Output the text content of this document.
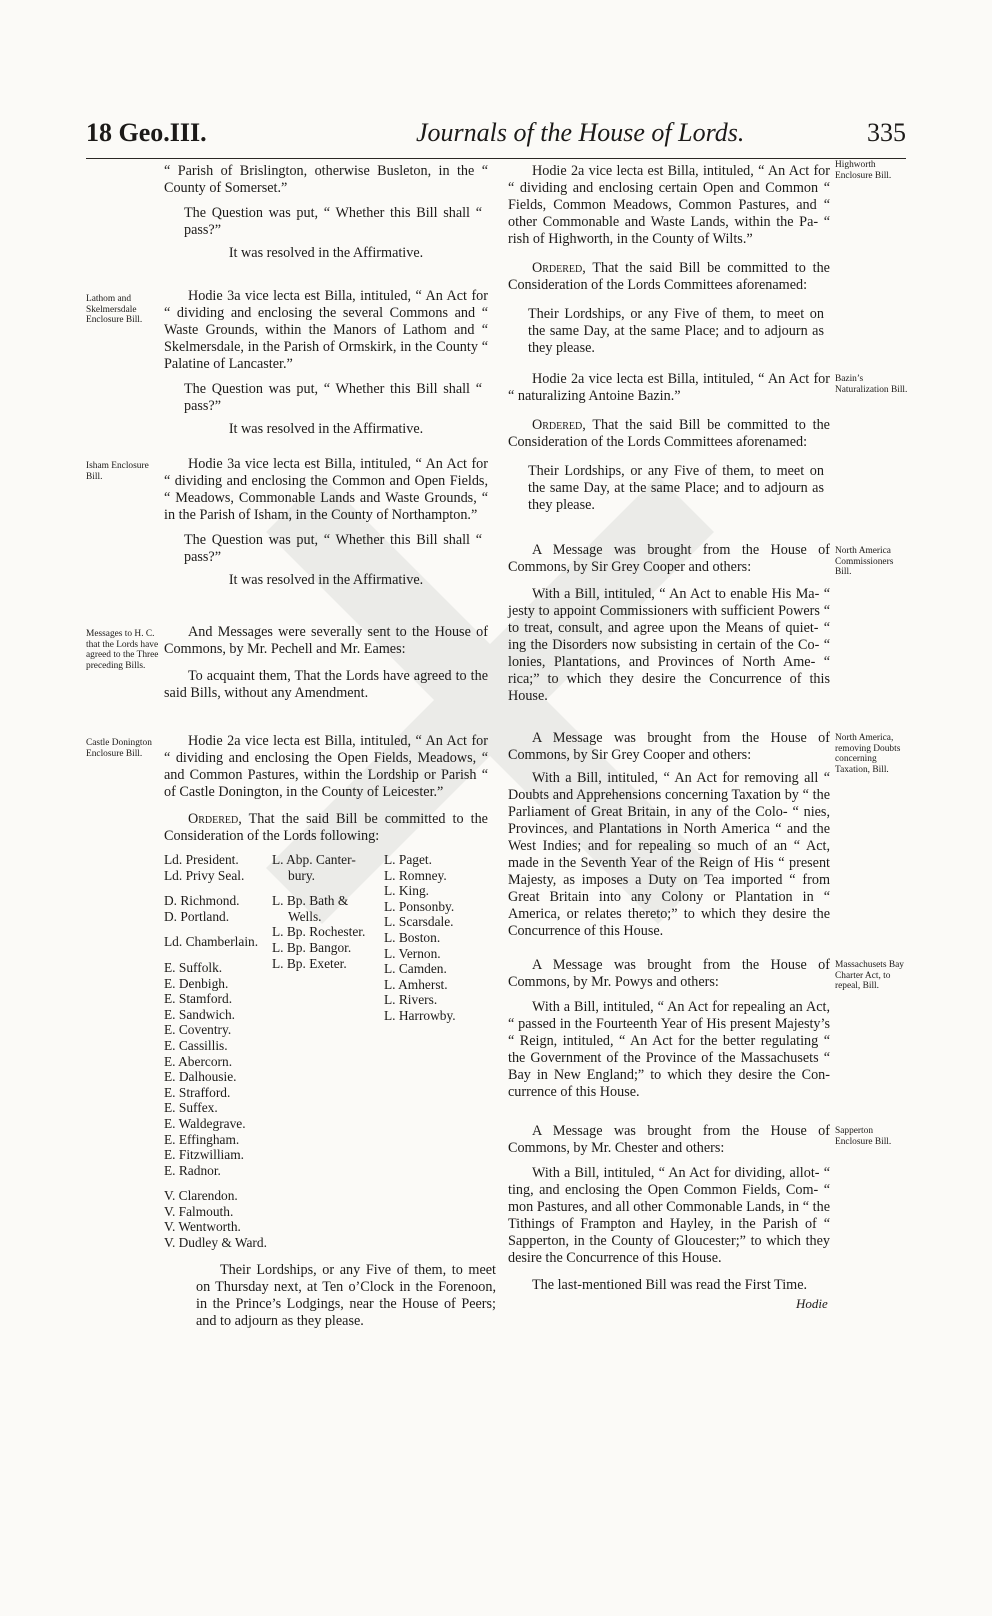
18 Geo.III.	Journals of the House of Lords.	335
Lathom and Skelmersdale Enclosure Bill.
Isham Enclosure Bill.
Messages to H. C. that the Lords have agreed to the Three preceding Bills.
Castle Donington Enclosure Bill.
Highworth Enclosure Bill.
Bazin’s Naturalization Bill.
North America Commissioners Bill.
North America, removing Doubts concerning Taxation, Bill.
Massachusets Bay Charter Act, to repeal, Bill.
Sapperton Enclosure Bill.

“ Parish of Brislington, otherwise Busleton, in the “ County of Somerset.”

The Question was put, “ Whether this Bill shall “ pass?”

It was resolved in the Affirmative.

Hodie 3a vice lecta est Billa, intituled, “ An Act for “ dividing and enclosing the several Commons and “ Waste Grounds, within the Manors of Lathom and “ Skelmersdale, in the Parish of Ormskirk, in the County “ Palatine of Lancaster.”

The Question was put, “ Whether this Bill shall “ pass?”

It was resolved in the Affirmative.

Hodie 3a vice lecta est Billa, intituled, “ An Act for “ dividing and enclosing the Common and Open Fields, “ Meadows, Commonable Lands and Waste Grounds, “ in the Parish of Isham, in the County of Northampton.”

The Question was put, “ Whether this Bill shall “ pass?”

It was resolved in the Affirmative.

And Messages were severally sent to the House of Commons, by Mr. Pechell and Mr. Eames:

To acquaint them, That the Lords have agreed to the said Bills, without any Amendment.

Hodie 2a vice lecta est Billa, intituled, “ An Act for “ dividing and enclosing the Open Fields, Meadows, “ and Common Pastures, within the Lordship or Parish “ of Castle Donington, in the County of Leicester.”

Ordered, That the said Bill be committed to the Consideration of the Lords following:

Ld. President.
Ld. Privy Seal.
D. Richmond.
D. Portland.
Ld. Chamberlain.
E. Suffolk.
E. Denbigh.
E. Stamford.
E. Sandwich.
E. Coventry.
E. Cassillis.
E. Abercorn.
E. Dalhousie.
E. Strafford.
E. Suffex.
E. Waldegrave.
E. Effingham.
E. Fitzwilliam.
E. Radnor.
V. Clarendon.
V. Falmouth.
V. Wentworth.
V. Dudley & Ward.
L. Abp. Canter-
bury.
L. Bp. Bath &
Wells.
L. Bp. Rochester.
L. Bp. Bangor.
L. Bp. Exeter.
L. Paget.
L. Romney.
L. King.
L. Ponsonby.
L. Scarsdale.
L. Boston.
L. Vernon.
L. Camden.
L. Amherst.
L. Rivers.
L. Harrowby.

Their Lordships, or any Five of them, to meet on Thursday next, at Ten o’Clock in the Forenoon, in the Prince’s Lodgings, near the House of Peers; and to adjourn as they please.

Hodie 2a vice lecta est Billa, intituled, “ An Act for “ dividing and enclosing certain Open and Common “ Fields, Common Meadows, Common Pastures, and “ other Commonable and Waste Lands, within the Pa- “ rish of Highworth, in the County of Wilts.”

Ordered, That the said Bill be committed to the Consideration of the Lords Committees aforenamed:

Their Lordships, or any Five of them, to meet on the same Day, at the same Place; and to adjourn as they please.

Hodie 2a vice lecta est Billa, intituled, “ An Act for “ naturalizing Antoine Bazin.”

Ordered, That the said Bill be committed to the Consideration of the Lords Committees aforenamed:

Their Lordships, or any Five of them, to meet on the same Day, at the same Place; and to adjourn as they please.

A Message was brought from the House of Commons, by Sir Grey Cooper and others:

With a Bill, intituled, “ An Act to enable His Ma- “ jesty to appoint Commissioners with sufficient Powers “ to treat, consult, and agree upon the Means of quiet- “ ing the Disorders now subsisting in certain of the Co- “ lonies, Plantations, and Provinces of North Ame- “ rica;” to which they desire the Concurrence of this House.

A Message was brought from the House of Commons, by Sir Grey Cooper and others:

With a Bill, intituled, “ An Act for removing all “ Doubts and Apprehensions concerning Taxation by “ the Parliament of Great Britain, in any of the Colo- “ nies, Provinces, and Plantations in North America “ and the West Indies; and for repealing so much of an “ Act, made in the Seventh Year of the Reign of His “ present Majesty, as imposes a Duty on Tea imported “ from Great Britain into any Colony or Plantation in “ America, or relates thereto;” to which they desire the Concurrence of this House.

A Message was brought from the House of Commons, by Mr. Powys and others:

With a Bill, intituled, “ An Act for repealing an Act, “ passed in the Fourteenth Year of His present Majesty’s “ Reign, intituled, “ An Act for the better regulating “ the Government of the Province of the Massachusets “ Bay in New England;” to which they desire the Con- currence of this House.

A Message was brought from the House of Commons, by Mr. Chester and others:

With a Bill, intituled, “ An Act for dividing, allot- “ ting, and enclosing the Open Common Fields, Com- “ mon Pastures, and all other Commonable Lands, in “ the Tithings of Frampton and Hayley, in the Parish of “ Sapperton, in the County of Gloucester;” to which they desire the Concurrence of this House.

The last-mentioned Bill was read the First Time.

Hodie
